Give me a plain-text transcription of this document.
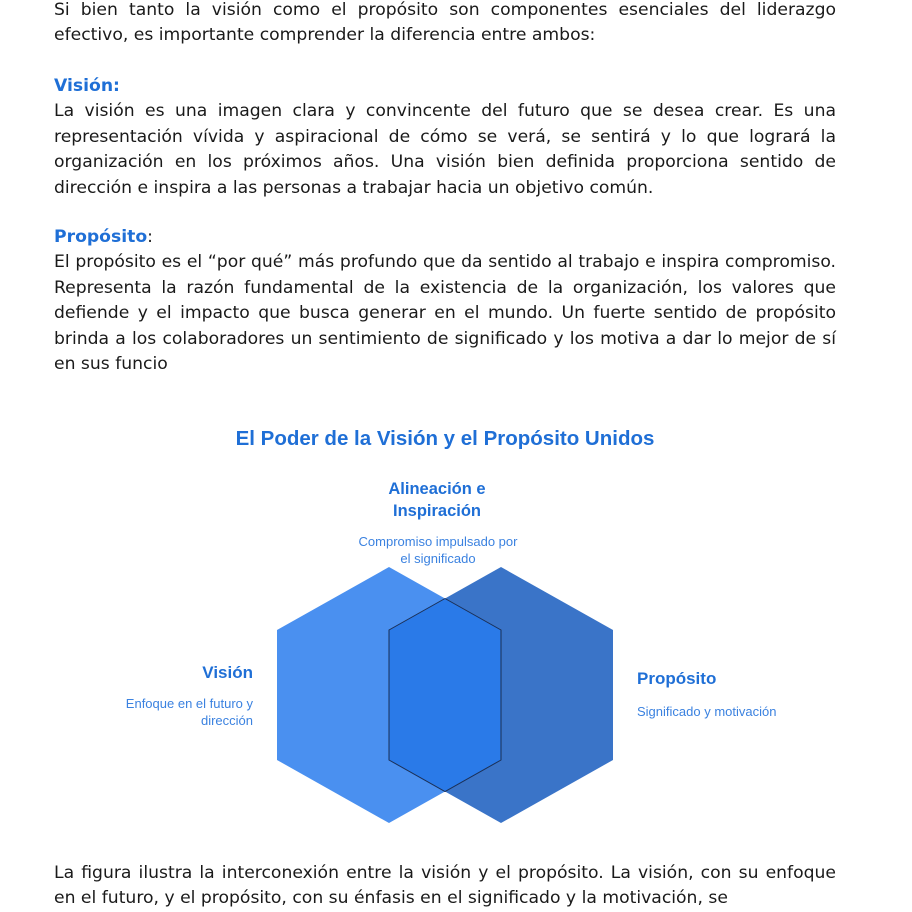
Si bien tanto la visión como el propósito son componentes esenciales del liderazgo efectivo, es importante comprender la diferencia entre ambos:

Visión:

La visión es una imagen clara y convincente del futuro que se desea crear. Es una representación vívida y aspiracional de cómo se verá, se sentirá y lo que logrará la organización en los próximos años. Una visión bien definida proporciona sentido de dirección e inspira a las personas a trabajar hacia un objetivo común.

Propósito:

El propósito es el “por qué” más profundo que da sentido al trabajo e inspira compromiso. Representa la razón fundamental de la existencia de la organización, los valores que defiende y el impacto que busca generar en el mundo. Un fuerte sentido de propósito brinda a los colaboradores un sentimiento de significado y los motiva a dar lo mejor de sí en sus funcio

La figura ilustra la interconexión entre la visión y el propósito. La visión, con su enfoque en el futuro, y el propósito, con su énfasis en el significado y la motivación, se

El Poder de la Visión y el Propósito Unidos
Alineación e
Inspiración
Compromiso impulsado por
el significado
Visión
Enfoque en el futuro y
dirección
Propósito
Significado y motivación
